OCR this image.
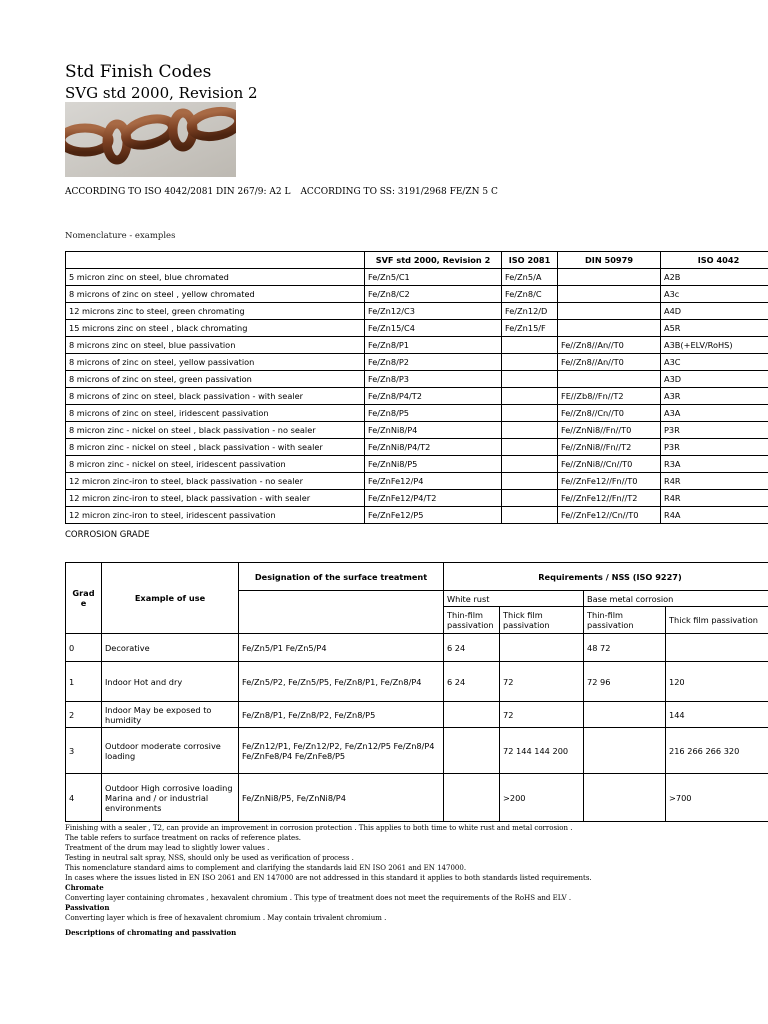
Std Finish Codes
SVG std 2000, Revision 2
ACCORDING TO ISO 4042/2081 DIN 267/9: A2 L ACCORDING TO SS: 3191/2968 FE/ZN 5 C
Nomenclature - examples
	SVF std 2000, Revision 2	ISO 2081	DIN 50979	ISO 4042
5 micron zinc on steel, blue chromated	Fe/Zn5/C1	Fe/Zn5/A		A2B
8 microns of zinc on steel , yellow chromated	Fe/Zn8/C2	Fe/Zn8/C		A3c
12 microns zinc to steel, green chromating	Fe/Zn12/C3	Fe/Zn12/D		A4D
15 microns zinc on steel , black chromating	Fe/Zn15/C4	Fe/Zn15/F		A5R
8 microns zinc on steel, blue passivation	Fe/Zn8/P1		Fe//Zn8//An//T0	A3B(+ELV/RoHS)
8 microns of zinc on steel, yellow passivation	Fe/Zn8/P2		Fe//Zn8//An//T0	A3C
8 microns of zinc on steel, green passivation	Fe/Zn8/P3			A3D
8 microns of zinc on steel, black passivation - with sealer	Fe/Zn8/P4/T2		FE//Zb8//Fn//T2	A3R
8 microns of zinc on steel, iridescent passivation	Fe/Zn8/P5		Fe//Zn8//Cn//T0	A3A
8 micron zinc - nickel on steel , black passivation - no sealer	Fe/ZnNi8/P4		Fe//ZnNi8//Fn//T0	P3R
8 micron zinc - nickel on steel , black passivation - with sealer	Fe/ZnNi8/P4/T2		Fe//ZnNi8//Fn//T2	P3R
8 micron zinc - nickel on steel, iridescent passivation	Fe/ZnNi8/P5		Fe//ZnNi8//Cn//T0	R3A
12 micron zinc-iron to steel, black passivation - no sealer	Fe/ZnFe12/P4		Fe//ZnFe12//Fn//T0	R4R
12 micron zinc-iron to steel, black passivation - with sealer	Fe/ZnFe12/P4/T2		Fe//ZnFe12//Fn//T2	R4R
12 micron zinc-iron to steel, iridescent passivation	Fe/ZnFe12/P5		Fe//ZnFe12//Cn//T0	R4A
CORROSION GRADE
Grad e	Example of use	Designation of the surface treatment	Requirements / NSS (ISO 9227)			
			White rust		Base metal corrosion	
			Thin-film passivation	Thick film passivation	Thin-film passivation	Thick film passivation
0	Decorative	Fe/Zn5/P1 Fe/Zn5/P4	6 24		48 72	
1	Indoor Hot and dry	Fe/Zn5/P2, Fe/Zn5/P5, Fe/Zn8/P1, Fe/Zn8/P4	6 24	72	72 96	120
2	Indoor May be exposed to humidity	Fe/Zn8/P1, Fe/Zn8/P2, Fe/Zn8/P5		72		144
3	Outdoor moderate corrosive loading	Fe/Zn12/P1, Fe/Zn12/P2, Fe/Zn12/P5 Fe/Zn8/P4 Fe/ZnFe8/P4 Fe/ZnFe8/P5		72 144 144 200		216 266 266 320
4	Outdoor High corrosive loading Marina and / or industrial environments	Fe/ZnNi8/P5, Fe/ZnNi8/P4		>200		>700

Finishing with a sealer , T2, can provide an improvement in corrosion protection . This applies to both time to white rust and metal corrosion .

The table refers to surface treatment on racks of reference plates.

Treatment of the drum may lead to slightly lower values .

Testing in neutral salt spray, NSS, should only be used as verification of process .

This nomenclature standard aims to complement and clarifying the standards laid EN ISO 2061 and EN 147000.

In cases where the issues listed in EN ISO 2061 and EN 147000 are not addressed in this standard it applies to both standards listed requirements.

Chromate

Converting layer containing chromates , hexavalent chromium . This type of treatment does not meet the requirements of the RoHS and ELV .

Passivation

Converting layer which is free of hexavalent chromium . May contain trivalent chromium .

Descriptions of chromating and passivation
